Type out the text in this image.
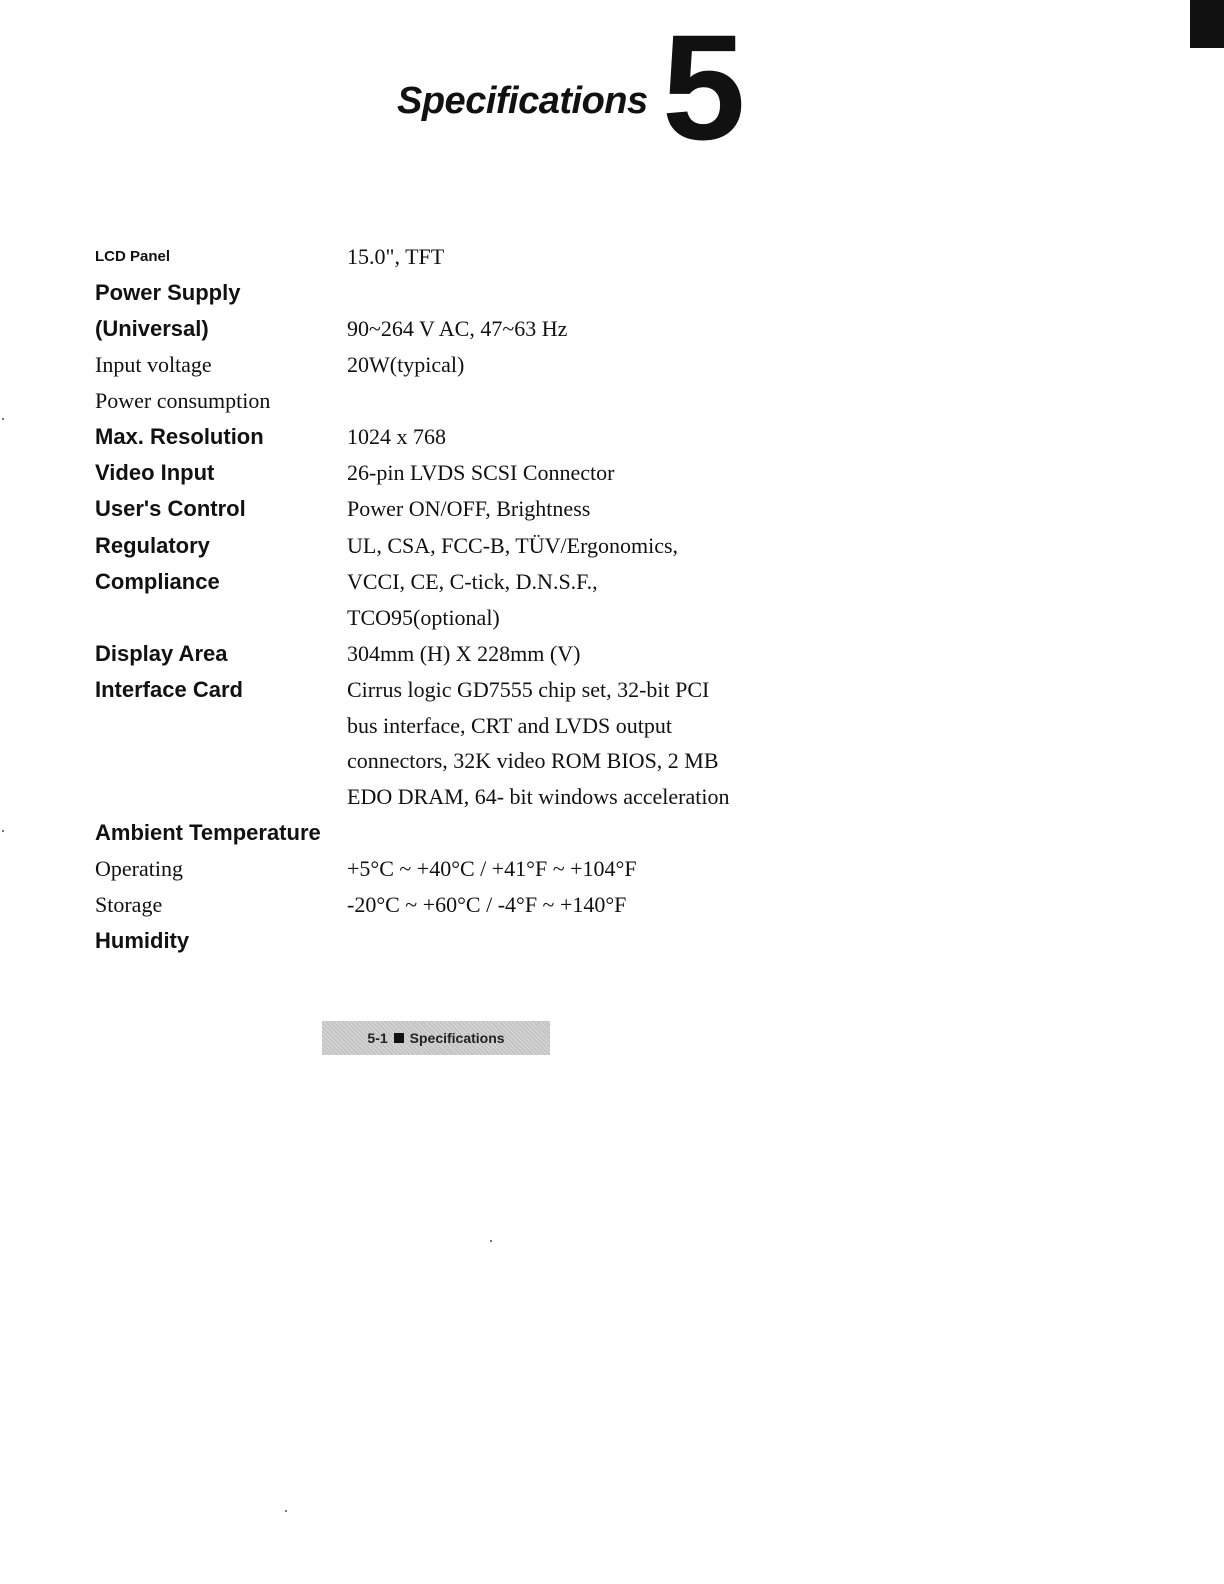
Specifications 5
LCD Panel	15.0", TFT
Power Supply
(Universal)	90~264 V AC, 47~63 Hz
Input voltage	20W(typical)
Power consumption
Max. Resolution	1024 x 768
Video Input	26-pin LVDS SCSI Connector
User's Control	Power ON/OFF, Brightness
Regulatory	UL, CSA, FCC-B, TÜV/Ergonomics,
Compliance	VCCI, CE, C-tick, D.N.S.F.,
TCO95(optional)
Display Area	304mm (H) X 228mm (V)
Interface Card	Cirrus logic GD7555 chip set, 32-bit PCI
bus interface, CRT and LVDS output
connectors, 32K video ROM BIOS, 2 MB
EDO DRAM, 64- bit windows acceleration
Ambient Temperature
Operating	+5°C ~ +40°C / +41°F ~ +104°F
Storage	-20°C ~ +60°C / -4°F ~ +140°F
Humidity
5-1 Specifications
